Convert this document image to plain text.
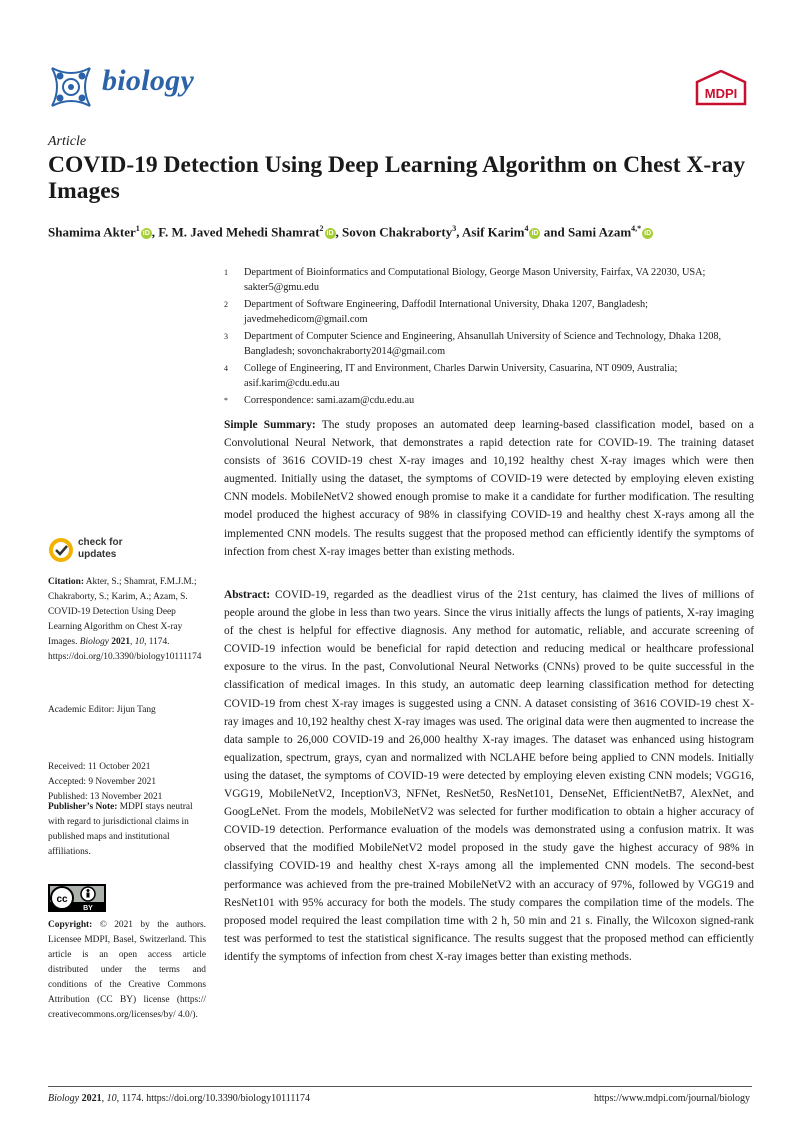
biology	MDPI
Article
COVID-19 Detection Using Deep Learning Algorithm on Chest X-ray Images
Shamima Akter$^1$iD , F. M. Javed Mehedi Shamrat$^2$iD , Sovon Chakraborty$^3$, Asif Karim$^4$iD and Sami Azam$^{4,*}$iD
1 Department of Bioinformatics and Computational Biology, George Mason University, Fairfax, VA 22030, USA; sakter5@gmu.edu
2 Department of Software Engineering, Daffodil International University, Dhaka 1207, Bangladesh; javedmehedicom@gmail.com
3 Department of Computer Science and Engineering, Ahsanullah University of Science and Technology, Dhaka 1208, Bangladesh; sovonchakraborty2014@gmail.com
4 College of Engineering, IT and Environment, Charles Darwin University, Casuarina, NT 0909, Australia; asif.karim@cdu.edu.au
* Correspondence: sami.azam@cdu.edu.au
Simple Summary: The study proposes an automated deep learning-based classification model, based on a Convolutional Neural Network, that demonstrates a rapid detection rate for COVID-19. The training dataset consists of 3616 COVID-19 chest X-ray images and 10,192 healthy chest X-ray images which were then augmented. Initially using the dataset, the symptoms of COVID-19 were detected by employing eleven existing CNN models. MobileNetV2 showed enough promise to make it a candidate for further modification. The resulting model produced the highest accuracy of 98% in classifying COVID-19 and healthy chest X-rays among all the implemented CNN models. The results suggest that the proposed method can efficiently identify the symptoms of infection from chest X-ray images better than existing methods.
Abstract: COVID-19, regarded as the deadliest virus of the 21st century, has claimed the lives of millions of people around the globe in less than two years. Since the virus initially affects the lungs of patients, X-ray imaging of the chest is helpful for effective diagnosis. Any method for automatic, reliable, and accurate screening of COVID-19 infection would be beneficial for rapid detection and reducing medical or healthcare professional exposure to the virus. In the past, Convolutional Neural Networks (CNNs) proved to be quite successful in the classification of medical images. In this study, an automatic deep learning classification method for detecting COVID-19 from chest X-ray images is suggested using a CNN. A dataset consisting of 3616 COVID-19 chest X-ray images and 10,192 healthy chest X-ray images was used. The original data were then augmented to increase the data sample to 26,000 COVID-19 and 26,000 healthy X-ray images. The dataset was enhanced using histogram equalization, spectrum, grays, cyan and normalized with NCLAHE before being applied to CNN models. Initially using the dataset, the symptoms of COVID-19 were detected by employing eleven existing CNN models; VGG16, VGG19, MobileNetV2, InceptionV3, NFNet, ResNet50, ResNet101, DenseNet, EfficientNetB7, AlexNet, and GoogLeNet. From the models, MobileNetV2 was selected for further modification to obtain a higher accuracy of COVID-19 detection. Performance evaluation of the models was demonstrated using a confusion matrix. It was observed that the modified MobileNetV2 model proposed in the study gave the highest accuracy of 98% in classifying COVID-19 and healthy chest X-rays among all the implemented CNN models. The second-best performance was achieved from the pre-trained MobileNetV2 with an accuracy of 97%, followed by VGG19 and ResNet101 with 95% accuracy for both the models. The study compares the compilation time of the models. The proposed model required the least compilation time with 2 h, 50 min and 21 s. Finally, the Wilcoxon signed-rank test was performed to test the statistical significance. The results suggest that the proposed method can efficiently identify the symptoms of infection from chest X-ray images better than existing methods.
check for
updates
Citation: Akter, S.; Shamrat, F.M.J.M.; Chakraborty, S.; Karim, A.; Azam, S. COVID-19 Detection Using Deep Learning Algorithm on Chest X-ray Images. Biology 2021, 10, 1174. https://doi.org/10.3390/biology10111174
Academic Editor: Jijun Tang
Received: 11 October 2021
Accepted: 9 November 2021
Published: 13 November 2021
Publisher’s Note: MDPI stays neutral with regard to jurisdictional claims in published maps and institutional affiliations.
cc
BY
Copyright: © 2021 by the authors. Licensee MDPI, Basel, Switzerland. This article is an open access article distributed under the terms and conditions of the Creative Commons Attribution (CC BY) license (https:// creativecommons.org/licenses/by/ 4.0/).
Biology 2021, 10, 1174. https://doi.org/10.3390/biology10111174	https://www.mdpi.com/journal/biology
